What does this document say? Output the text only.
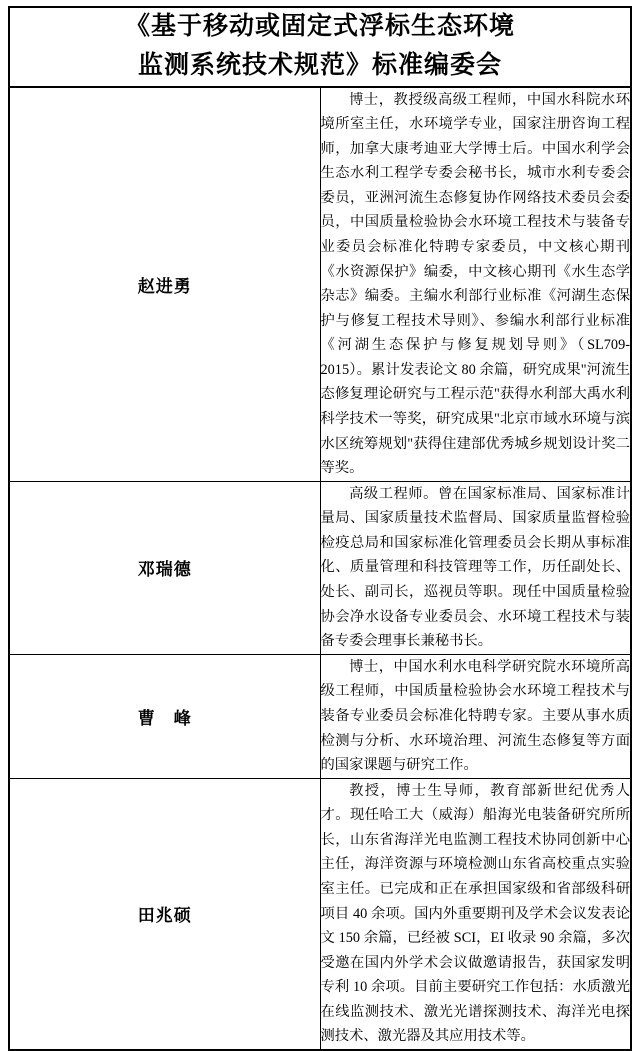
《基于移动或固定式浮标生态环境
监测系统技术规范》标准编委会	

赵进勇	博士，教授级高级工程师，中国水科院水环境所室主任，水环境学专业，国家注册咨询工程师，加拿大康考迪亚大学博士后。中国水利学会生态水利工程学专委会秘书长，城市水利专委会委员，亚洲河流生态修复协作网络技术委员会委员，中国质量检验协会水环境工程技术与装备专业委员会标准化特聘专家委员，中文核心期刊《水资源保护》编委，中文核心期刊《水生态学杂志》编委。主编水利部行业标准《河湖生态保护与修复工程技术导则》、参编水利部行业标准《河湖生态保护与修复规划导则》（SL709-2015）。累计发表论文 80 余篇，研究成果"河流生态修复理论研究与工程示范"获得水利部大禹水利科学技术一等奖，研究成果"北京市域水环境与滨水区统筹规划"获得住建部优秀城乡规划设计奖二等奖。

邓瑞德	高级工程师。曾在国家标准局、国家标准计量局、国家质量技术监督局、国家质量监督检验检疫总局和国家标准化管理委员会长期从事标准化、质量管理和科技管理等工作，历任副处长、处长、副司长，巡视员等职。现任中国质量检验协会净水设备专业委员会、水环境工程技术与装备专委会理事长兼秘书长。

曹　峰	博士，中国水利水电科学研究院水环境所高级工程师，中国质量检验协会水环境工程技术与装备专业委员会标准化特聘专家。主要从事水质检测与分析、水环境治理、河流生态修复等方面的国家课题与研究工作。

田兆硕	教授，博士生导师，教育部新世纪优秀人才。现任哈工大（威海）船海光电装备研究所所长，山东省海洋光电监测工程技术协同创新中心主任，海洋资源与环境检测山东省高校重点实验室主任。已完成和正在承担国家级和省部级科研项目 40 余项。国内外重要期刊及学术会议发表论文 150 余篇，已经被 SCI，EI 收录 90 余篇，多次受邀在国内外学术会议做邀请报告，获国家发明专利 10 余项。目前主要研究工作包括：水质激光在线监测技术、激光光谱探测技术、海洋光电探测技术、激光器及其应用技术等。
